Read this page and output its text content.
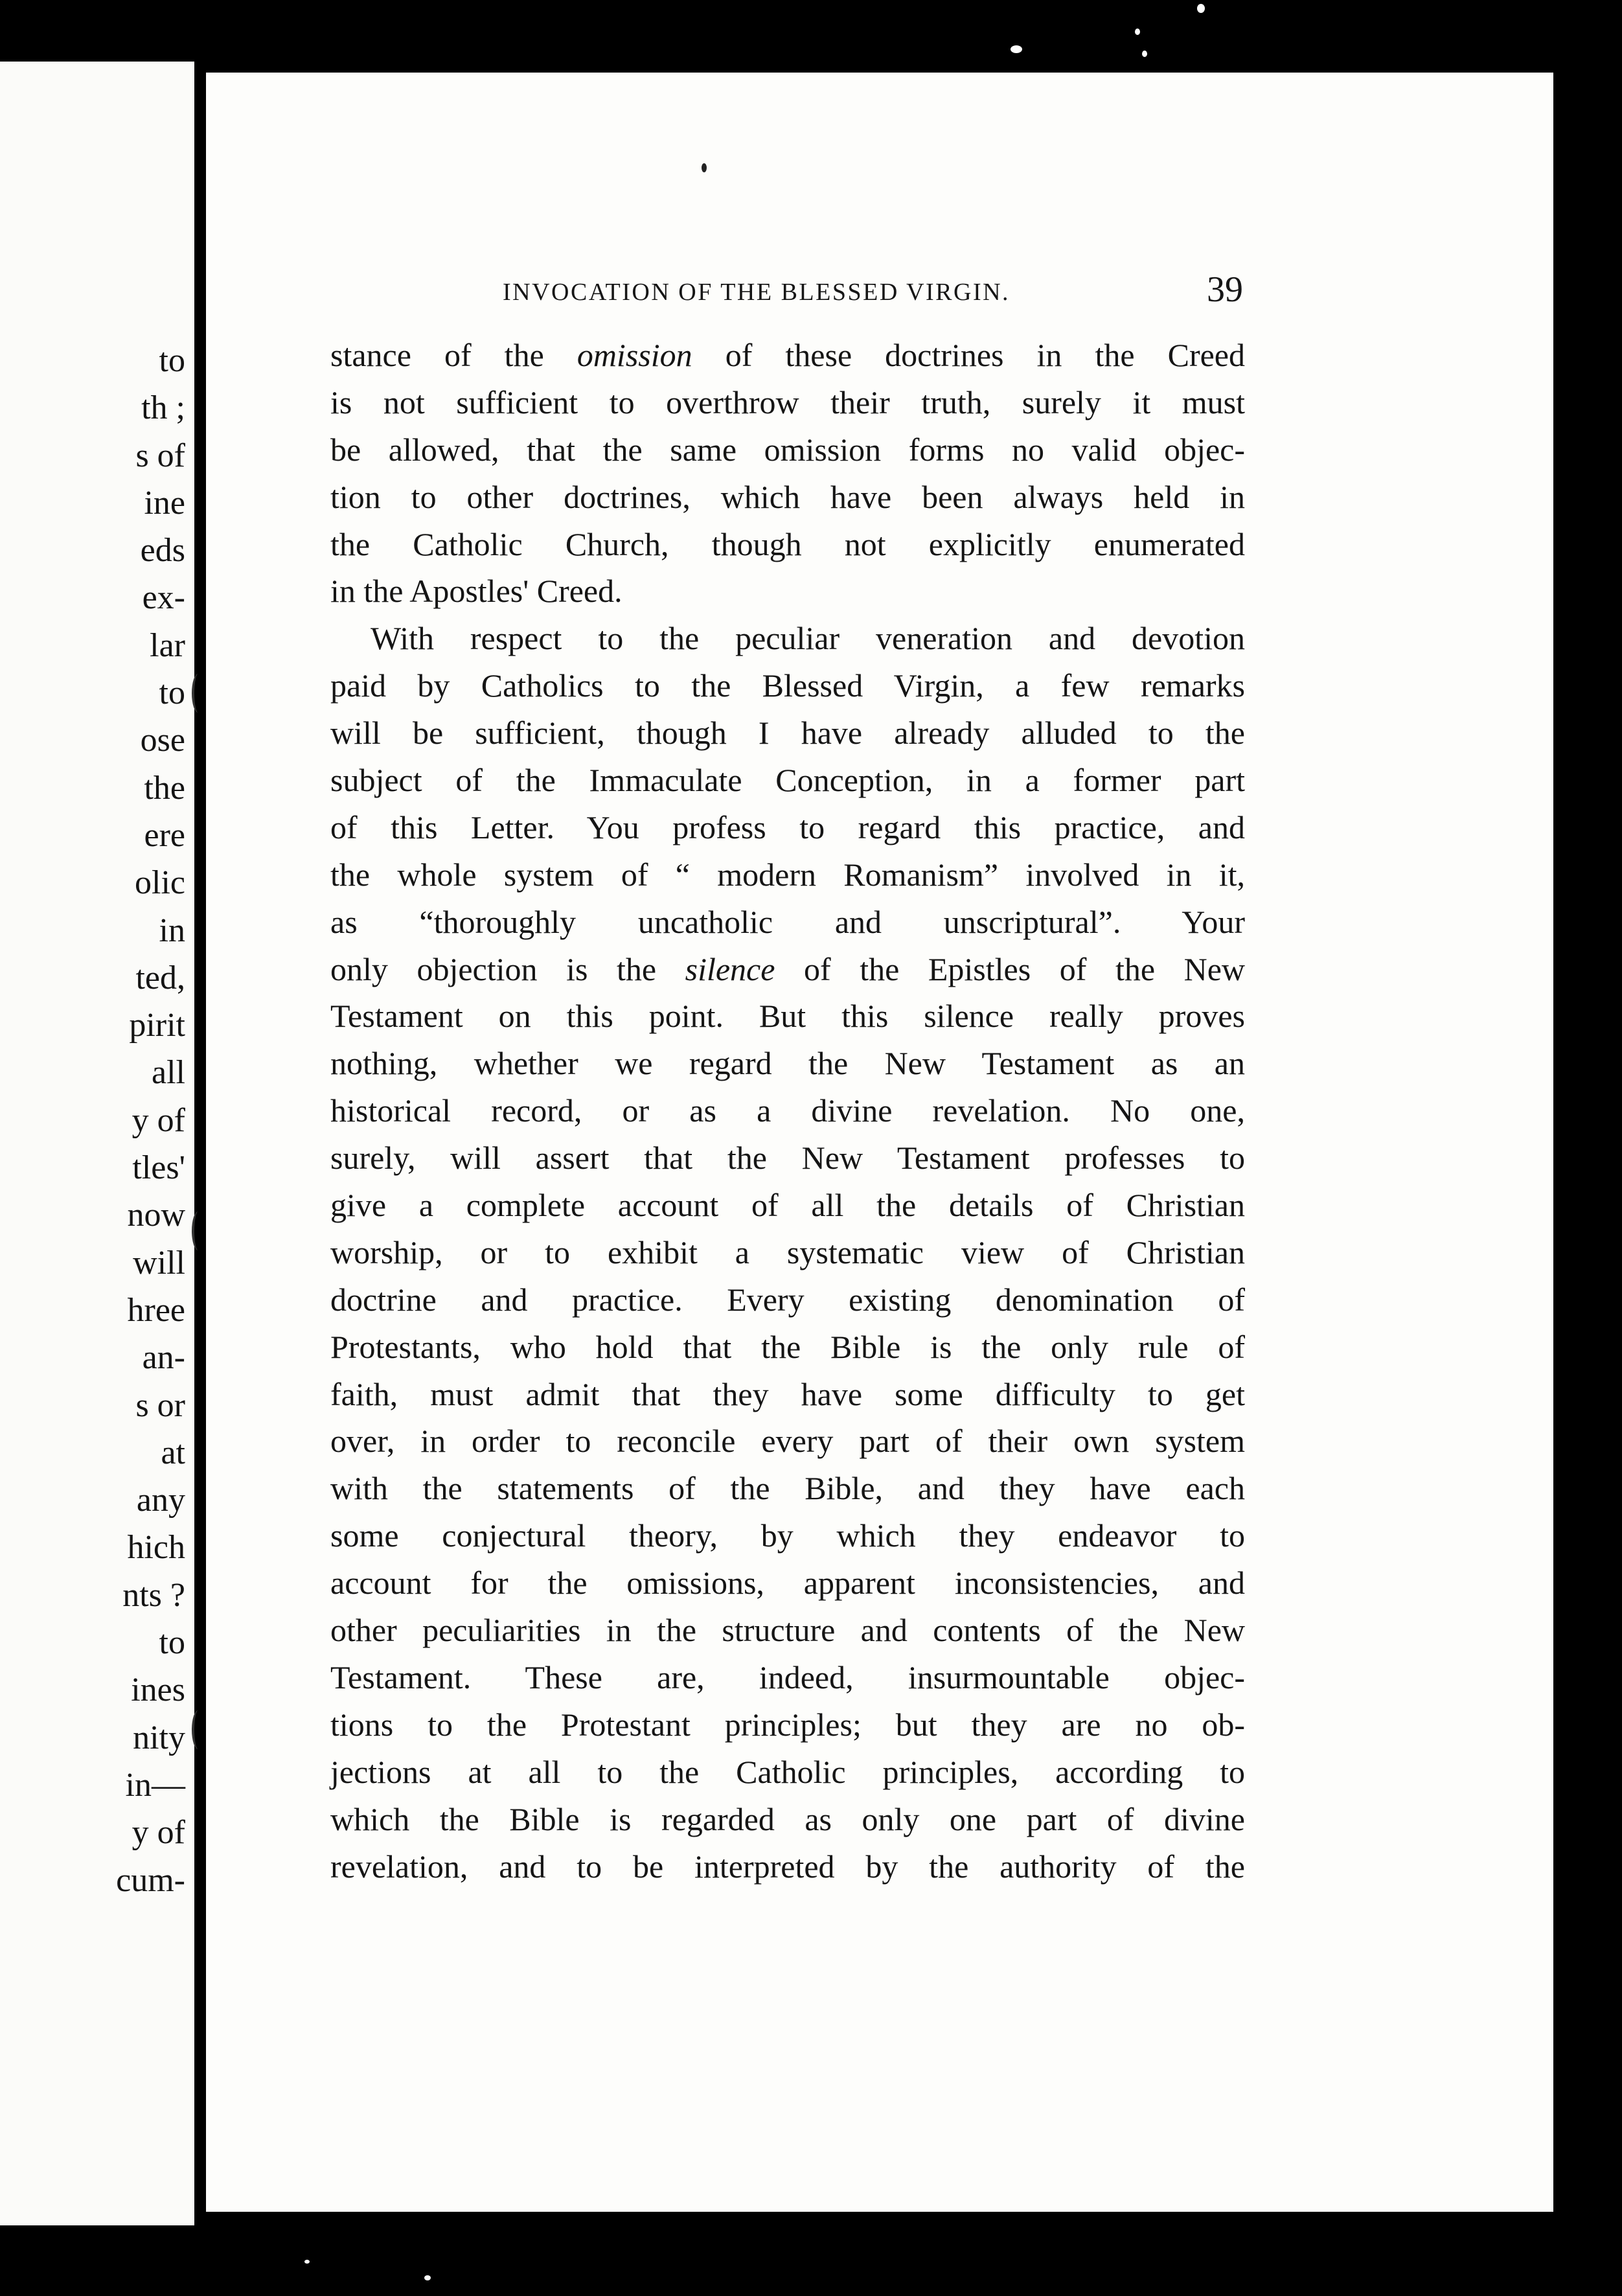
to
th ;
s of
ine
eds
ex-
lar
to
ose
the
ere
olic
in
ted,
pirit
all
y of
tles'
now
will
hree
an-
s or
at
any
hich
nts ?
to
ines
nity
in—
y of
cum-
INVOCATION OF THE BLESSED VIRGIN.	39
stance of the omission of these doctrines in the Creed
is not sufficient to overthrow their truth, surely it must
be allowed, that the same omission forms no valid objec-
tion to other doctrines, which have been always held in
the Catholic Church, though not explicitly enumerated
in the Apostles' Creed.
With respect to the peculiar veneration and devotion
paid by Catholics to the Blessed Virgin, a few remarks
will be sufficient, though I have already alluded to the
subject of the Immaculate Conception, in a former part
of this Letter. You profess to regard this practice, and
the whole system of “ modern Romanism” involved in it,
as “thoroughly uncatholic and unscriptural”. Your
only objection is the silence of the Epistles of the New
Testament on this point. But this silence really proves
nothing, whether we regard the New Testament as an
historical record, or as a divine revelation. No one,
surely, will assert that the New Testament professes to
give a complete account of all the details of Christian
worship, or to exhibit a systematic view of Christian
doctrine and practice. Every existing denomination of
Protestants, who hold that the Bible is the only rule of
faith, must admit that they have some difficulty to get
over, in order to reconcile every part of their own system
with the statements of the Bible, and they have each
some conjectural theory, by which they endeavor to
account for the omissions, apparent inconsistencies, and
other peculiarities in the structure and contents of the New
Testament. These are, indeed, insurmountable objec-
tions to the Protestant principles; but they are no ob-
jections at all to the Catholic principles, according to
which the Bible is regarded as only one part of divine
revelation, and to be interpreted by the authority of the
